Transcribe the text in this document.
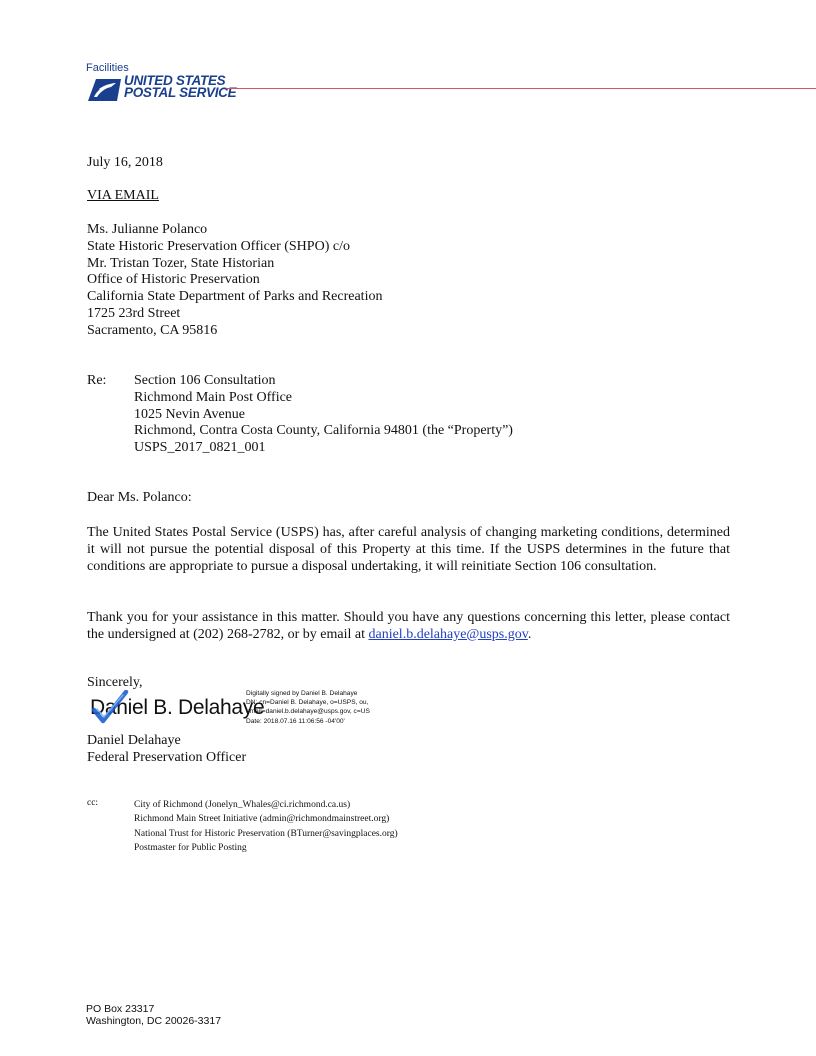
Facilities
UNITED STATES
POSTAL SERVICE
July 16, 2018
VIA EMAIL
Ms. Julianne Polanco
State Historic Preservation Officer (SHPO) c/o
Mr. Tristan Tozer, State Historian
Office of Historic Preservation
California State Department of Parks and Recreation
1725 23rd Street
Sacramento, CA 95816
Re: Section 106 Consultation
Richmond Main Post Office
1025 Nevin Avenue
Richmond, Contra Costa County, California 94801 (the “Property”)
USPS_2017_0821_001
Dear Ms. Polanco:
The United States Postal Service (USPS) has, after careful analysis of changing marketing conditions, determined it will not pursue the potential disposal of this Property at this time. If the USPS determines in the future that conditions are appropriate to pursue a disposal undertaking, it will reinitiate Section 106 consultation.
Thank you for your assistance in this matter. Should you have any questions concerning this letter, please contact the undersigned at (202) 268-2782, or by email at daniel.b.delahaye@usps.gov.
Sincerely,
Daniel B. Delahaye
Digitally signed by Daniel B. Delahaye
DN: cn=Daniel B. Delahaye, o=USPS, ou,
email=daniel.b.delahaye@usps.gov, c=US
Date: 2018.07.16 11:06:56 -04'00'
Daniel Delahaye
Federal Preservation Officer
cc:	City of Richmond (Jonelyn_Whales@ci.richmond.ca.us)
Richmond Main Street Initiative (admin@richmondmainstreet.org)
National Trust for Historic Preservation (BTurner@savingplaces.org)
Postmaster for Public Posting
PO Box 23317
Washington, DC 20026-3317
